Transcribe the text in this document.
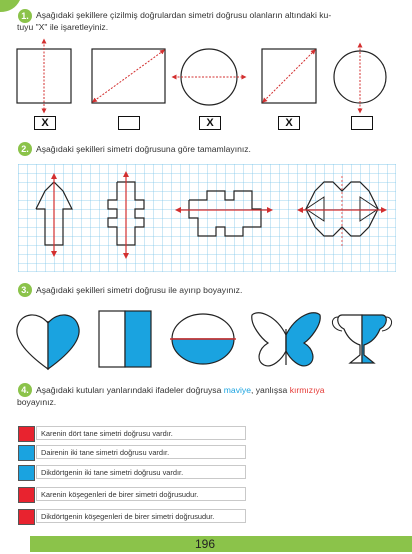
1. Aşağıdaki şekillere çizilmiş doğrulardan simetri doğrusu olanların altındaki ku-
tuyu "X" ile işaretleyiniz.
X	X	X
2. Aşağıdaki şekilleri simetri doğrusuna göre tamamlayınız.
3. Aşağıdaki şekilleri simetri doğrusu ile ayırıp boyayınız.
4. Aşağıdaki kutuları yanlarındaki ifadeler doğruysa maviye, yanlışsa kırmızıya
boyayınız.
Karenin dört tane simetri doğrusu vardır.
Dairenin iki tane simetri doğrusu vardır.
Dikdörtgenin iki tane simetri doğrusu vardır.
Karenin köşegenleri de birer simetri doğrusudur.
Dikdörtgenin köşegenleri de birer simetri doğrusudur.
196
